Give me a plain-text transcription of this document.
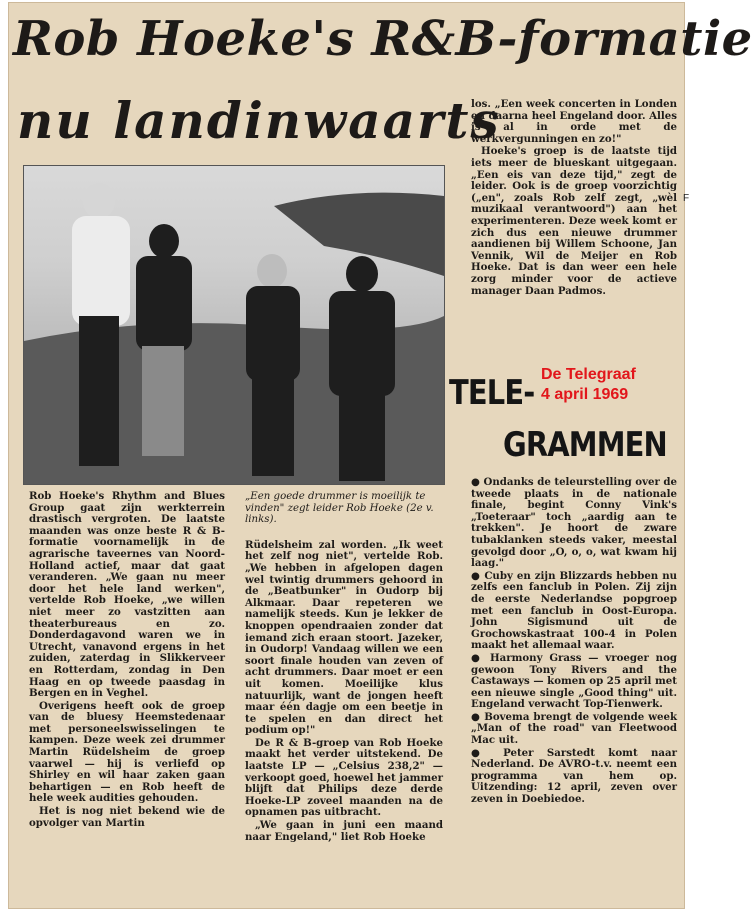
Rob Hoeke's R&B-formatie
nu landinwaarts

Rob Hoeke's Rhythm and Blues Group gaat zijn werkterrein drastisch vergroten. De laatste maanden was onze beste R & B-formatie voornamelijk in de agrarische taveernes van Noord-Holland actief, maar dat gaat veranderen. „We gaan nu meer door het hele land werken", vertelde Rob Hoeke, „we willen niet meer zo vastzitten aan theaterbureaus en zo. Donderdagavond waren we in Utrecht, vanavond ergens in het zuiden, zaterdag in Slikkerveer en Rotterdam, zondag in Den Haag en op tweede paasdag in Bergen en in Veghel.

Overigens heeft ook de groep van de bluesy Heemstedenaar met personeelswisselingen te kampen. Deze week zei drummer Martin Rüdelsheim de groep vaarwel — hij is verliefd op Shirley en wil haar zaken gaan behartigen — en Rob heeft de hele week audities gehouden.

Het is nog niet bekend wie de opvolger van Martin

„Een goede drummer is moeilijk te vinden" zegt leider Rob Hoeke (2e v. links).

Rüdelsheim zal worden. „Ik weet het zelf nog niet", vertelde Rob. „We hebben in afgelopen dagen wel twintig drummers gehoord in de „Beatbunker" in Oudorp bij Alkmaar. Daar repeteren we namelijk steeds. Kun je lekker de knoppen opendraaien zonder dat iemand zich eraan stoort. Jazeker, in Oudorp! Vandaag willen we een soort finale houden van zeven of acht drummers. Daar moet er een uit komen. Moeilijke klus natuurlijk, want de jongen heeft maar één dagje om een beetje in te spelen en dan direct het podium op!"

De R & B-groep van Rob Hoeke maakt het verder uitstekend. De laatste LP — „Celsius 238,2" — verkoopt goed, hoewel het jammer blijft dat Philips deze derde Hoeke-LP zoveel maanden na de opnamen pas uitbracht.

„We gaan in juni een maand naar Engeland," liet Rob Hoeke

los. „Een week concerten in Londen en daarna heel Engeland door. Alles is al in orde met de werkvergunningen en zo!"

Hoeke's groep is de laatste tijd iets meer de blueskant uitgegaan. „Een eis van deze tijd," zegt de leider. Ook is de groep voorzichtig („en", zoals Rob zelf zegt, „wèl muzikaal verantwoord") aan het experimenteren. Deze week komt er zich dus een nieuwe drummer aandienen bij Willem Schoone, Jan Vennik, Wil de Meijer en Rob Hoeke. Dat is dan weer een hele zorg minder voor de actieve manager Daan Padmos.

F
De Telegraaf
4 april 1969
TELE-
GRAMMEN

● Ondanks de teleurstelling over de tweede plaats in de nationale finale, begint Conny Vink's „Toeteraar" toch „aardig aan te trekken". Je hoort de zware tubaklanken steeds vaker, meestal gevolgd door „O, o, o, wat kwam hij laag."

● Cuby en zijn Blizzards hebben nu zelfs een fanclub in Polen. Zij zijn de eerste Nederlandse popgroep met een fanclub in Oost-Europa. John Sigismund uit de Grochowskastraat 100-4 in Polen maakt het allemaal waar.

● Harmony Grass — vroeger nog gewoon Tony Rivers and the Castaways — komen op 25 april met een nieuwe single „Good thing" uit. Engeland verwacht Top-Tienwerk.

● Bovema brengt de volgende week „Man of the road" van Fleetwood Mac uit.

● Peter Sarstedt komt naar Nederland. De AVRO-t.v. neemt een programma van hem op. Uitzending: 12 april, zeven over zeven in Doebiedoe.
